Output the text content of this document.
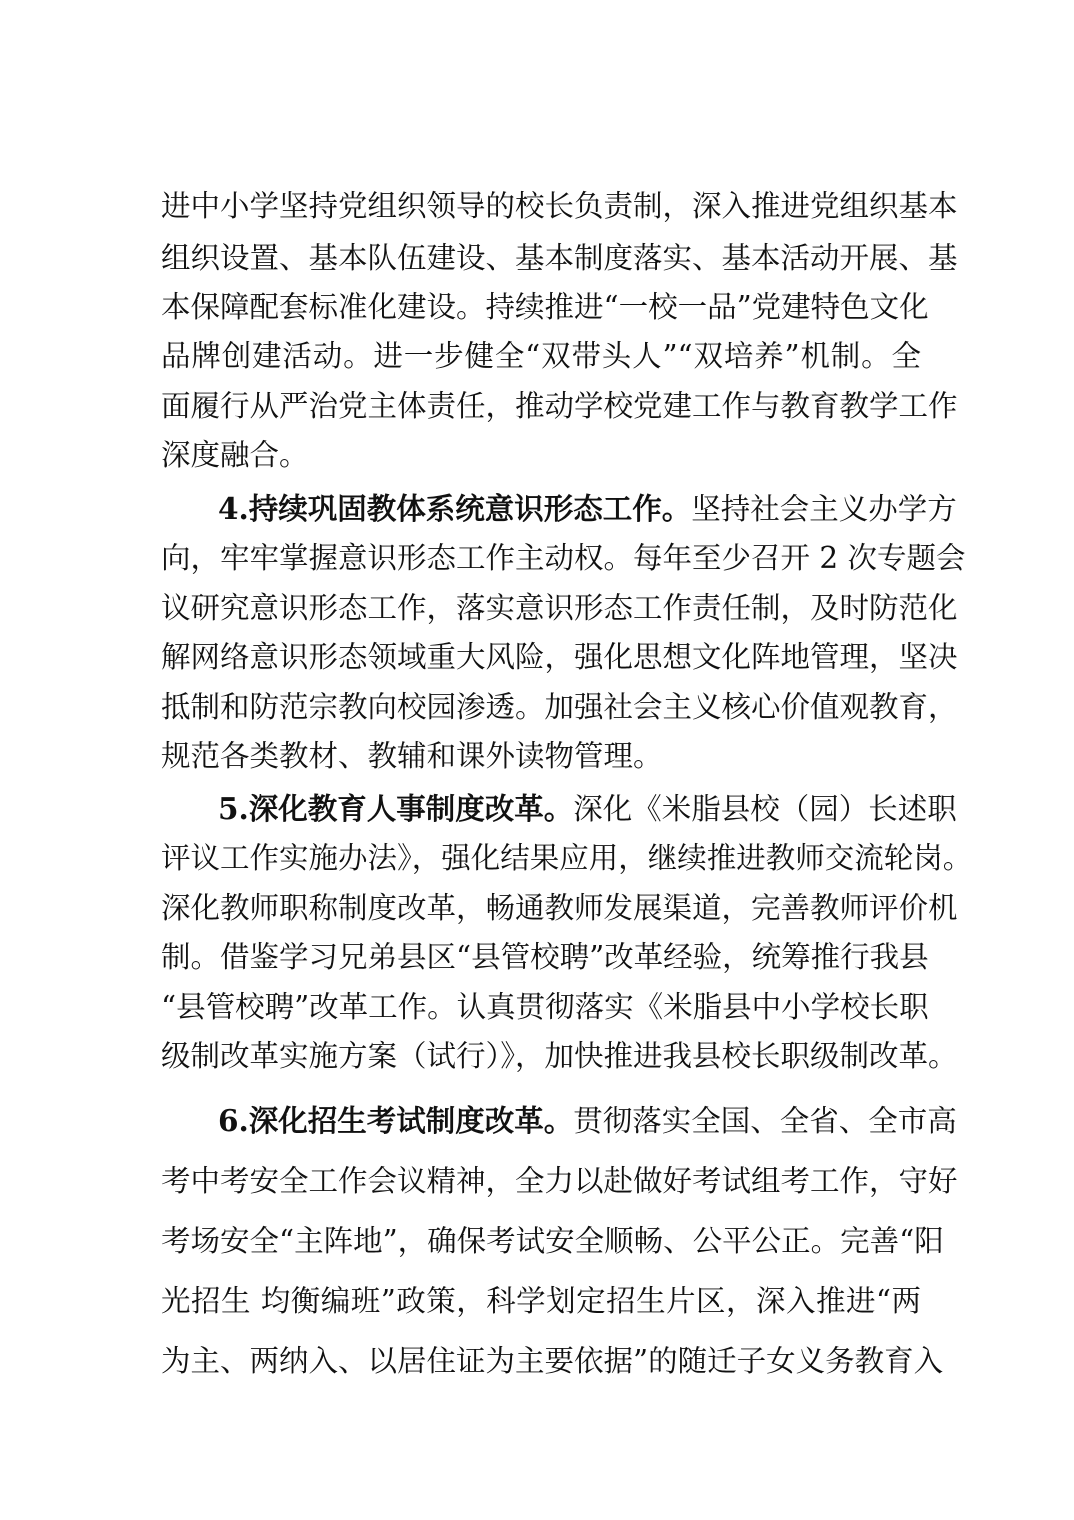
进中小学坚持党组织领导的校长负责制，深入推进党组织基本
组织设置、基本队伍建设、基本制度落实、基本活动开展、基
本保障配套标准化建设。持续推进“一校一品”党建特色文化
品牌创建活动。进一步健全“双带头人”“双培养”机制。全
面履行从严治党主体责任，推动学校党建工作与教育教学工作
深度融合。
4.持续巩固教体系统意识形态工作。坚持社会主义办学方
向，牢牢掌握意识形态工作主动权。每年至少召开 2 次专题会
议研究意识形态工作，落实意识形态工作责任制，及时防范化
解网络意识形态领域重大风险，强化思想文化阵地管理，坚决
抵制和防范宗教向校园渗透。加强社会主义核心价值观教育，
规范各类教材、教辅和课外读物管理。
5.深化教育人事制度改革。深化《米脂县校（园）长述职
评议工作实施办法》，强化结果应用，继续推进教师交流轮岗。
深化教师职称制度改革，畅通教师发展渠道，完善教师评价机
制。借鉴学习兄弟县区“县管校聘”改革经验，统筹推行我县
“县管校聘”改革工作。认真贯彻落实《米脂县中小学校长职
级制改革实施方案（试行）》，加快推进我县校长职级制改革。
6.深化招生考试制度改革。贯彻落实全国、全省、全市高
考中考安全工作会议精神，全力以赴做好考试组考工作，守好
考场安全“主阵地”，确保考试安全顺畅、公平公正。完善“阳
光招生 均衡编班”政策，科学划定招生片区，深入推进“两
为主、两纳入、以居住证为主要依据”的随迁子女义务教育入
